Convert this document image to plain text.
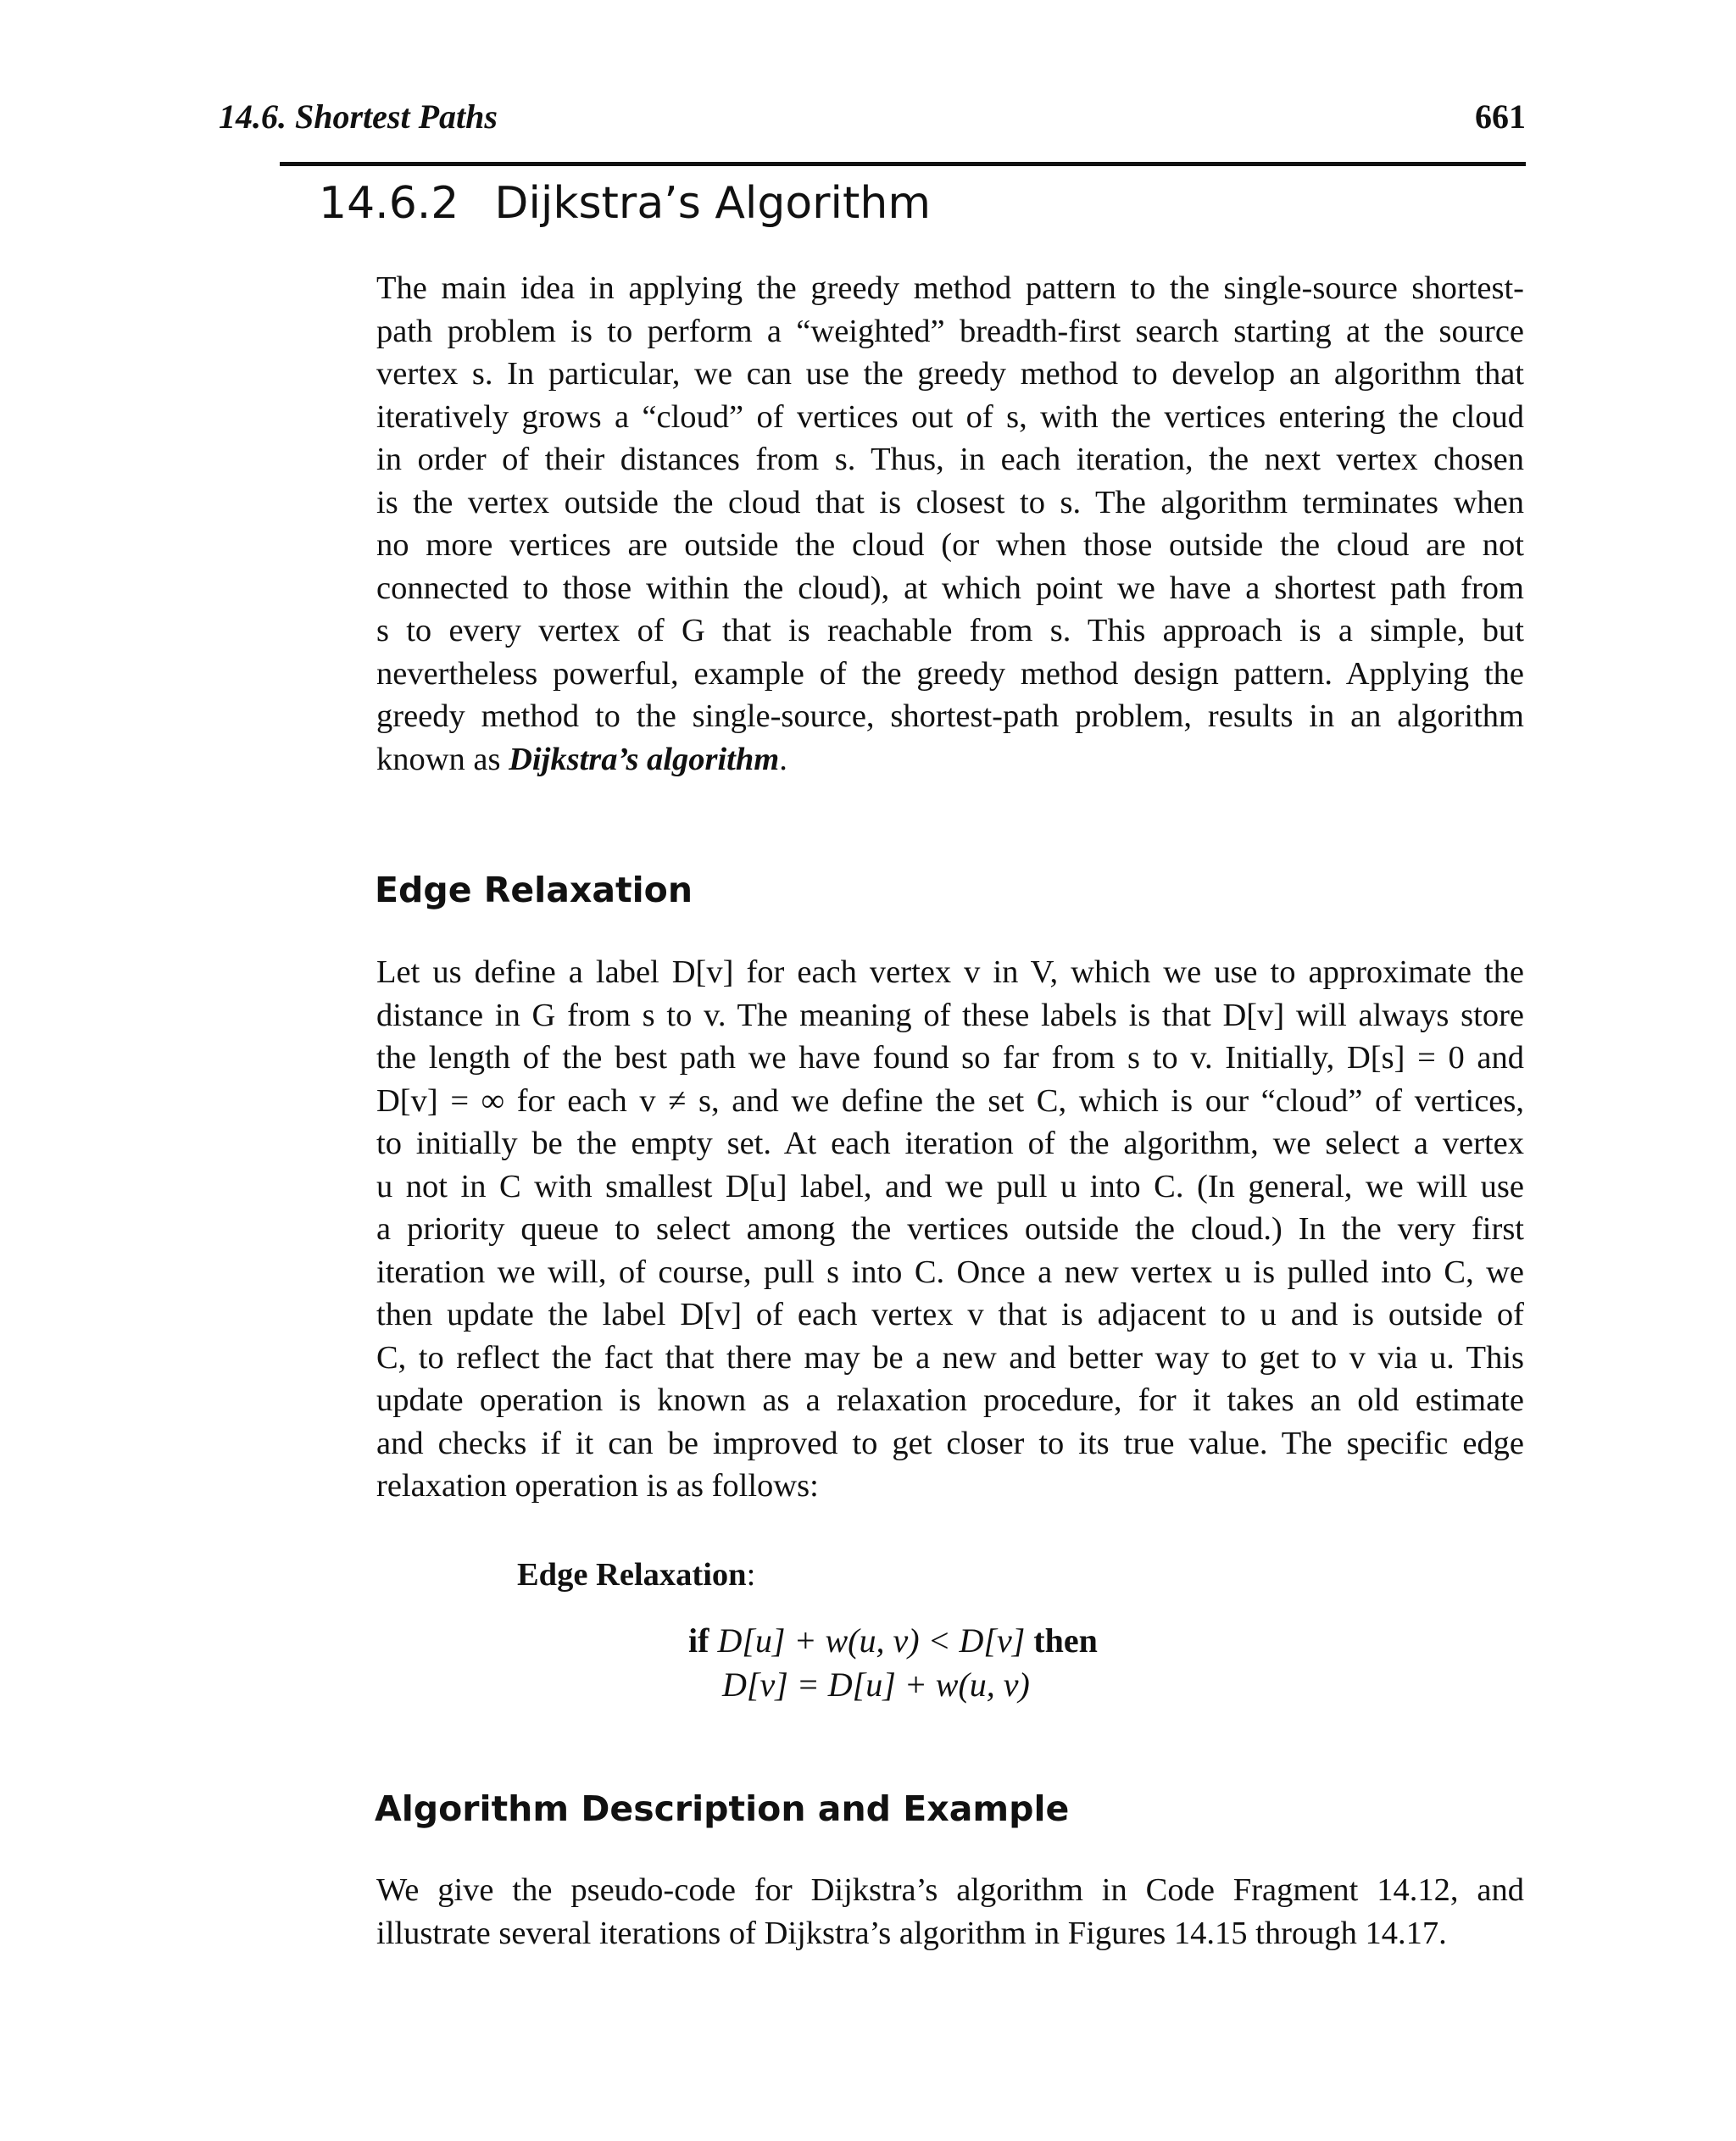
14.6. Shortest Paths	661
14.6.2 Dijkstra’s Algorithm
The main idea in applying the greedy method pattern to the single-source shortest-
path problem is to perform a “weighted” breadth-first search starting at the source
vertex s. In particular, we can use the greedy method to develop an algorithm that
iteratively grows a “cloud” of vertices out of s, with the vertices entering the cloud
in order of their distances from s. Thus, in each iteration, the next vertex chosen
is the vertex outside the cloud that is closest to s. The algorithm terminates when
no more vertices are outside the cloud (or when those outside the cloud are not
connected to those within the cloud), at which point we have a shortest path from
s to every vertex of G that is reachable from s. This approach is a simple, but
nevertheless powerful, example of the greedy method design pattern. Applying the
greedy method to the single-source, shortest-path problem, results in an algorithm
known as Dijkstra’s algorithm.
Edge Relaxation
Let us define a label D[v] for each vertex v in V, which we use to approximate the
distance in G from s to v. The meaning of these labels is that D[v] will always store
the length of the best path we have found so far from s to v. Initially, D[s] = 0 and
D[v] = ∞ for each v ≠ s, and we define the set C, which is our “cloud” of vertices,
to initially be the empty set. At each iteration of the algorithm, we select a vertex
u not in C with smallest D[u] label, and we pull u into C. (In general, we will use
a priority queue to select among the vertices outside the cloud.) In the very first
iteration we will, of course, pull s into C. Once a new vertex u is pulled into C, we
then update the label D[v] of each vertex v that is adjacent to u and is outside of
C, to reflect the fact that there may be a new and better way to get to v via u. This
update operation is known as a relaxation procedure, for it takes an old estimate
and checks if it can be improved to get closer to its true value. The specific edge
relaxation operation is as follows:
Edge Relaxation:
if D[u] + w(u, v) < D[v] then
D[v] = D[u] + w(u, v)
Algorithm Description and Example
We give the pseudo-code for Dijkstra’s algorithm in Code Fragment 14.12, and
illustrate several iterations of Dijkstra’s algorithm in Figures 14.15 through 14.17.
